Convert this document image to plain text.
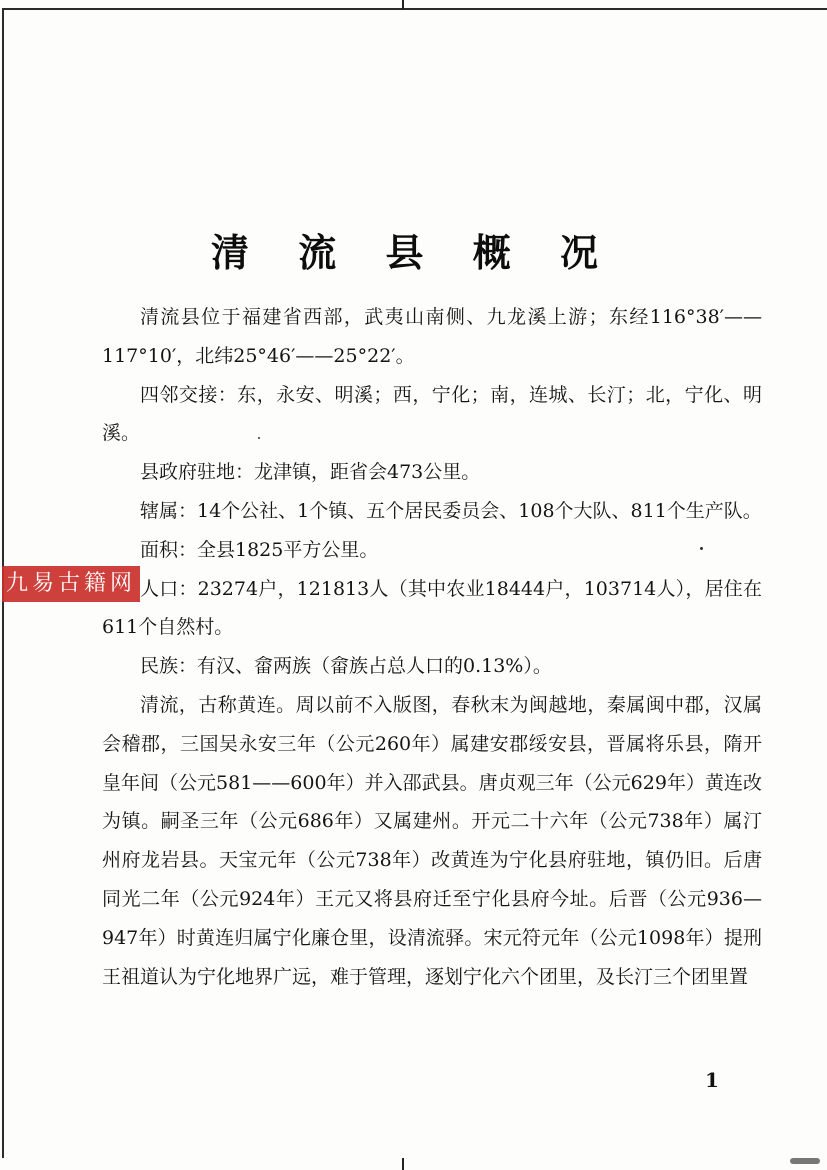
清 流 县 概 况

清流县位于福建省西部，武夷山南侧、九龙溪上游；东经116°38′——117°10′，北纬25°46′——25°22′。

四邻交接：东，永安、明溪；西，宁化；南，连城、长汀；北，宁化、明溪。

县政府驻地：龙津镇，距省会473公里。

辖属：14个公社、1个镇、五个居民委员会、108个大队、811个生产队。

面积：全县1825平方公里。

人口：23274户，121813人（其中农业18444户，103714人），居住在611个自然村。

民族：有汉、畲两族（畲族占总人口的0.13%）。

清流，古称黄连。周以前不入版图，春秋末为闽越地，秦属闽中郡，汉属会稽郡，三国吴永安三年（公元260年）属建安郡绥安县，晋属将乐县，隋开皇年间（公元581——600年）并入邵武县。唐贞观三年（公元629年）黄连改为镇。嗣圣三年（公元686年）又属建州。开元二十六年（公元738年）属汀州府龙岩县。天宝元年（公元738年）改黄连为宁化县府驻地，镇仍旧。后唐同光二年（公元924年）王元又将县府迁至宁化县府今址。后晋（公元936—947年）时黄连归属宁化廉仓里，设清流驿。宋元符元年（公元1098年）提刑王祖道认为宁化地界广远，难于管理，逐划宁化六个团里，及长汀三个团里置

九易古籍网
1
